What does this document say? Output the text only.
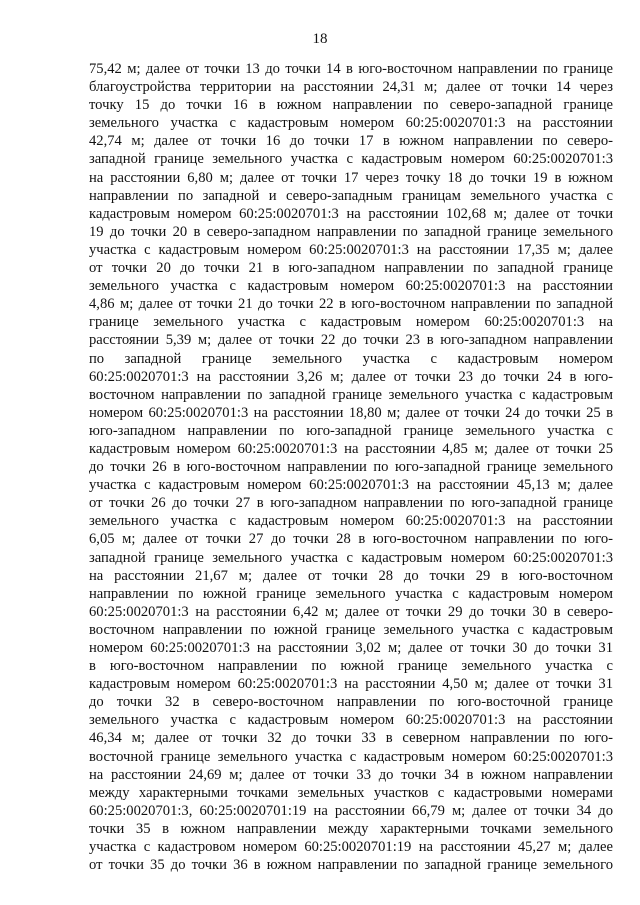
18
75,42 м; далее от точки 13 до точки 14 в юго-восточном направлении по границе
благоустройства территории на расстоянии 24,31 м; далее от точки 14 через
точку 15 до точки 16 в южном направлении по северо-западной границе
земельного участка с кадастровым номером 60:25:0020701:3 на расстоянии
42,74 м; далее от точки 16 до точки 17 в южном направлении по северо-
западной границе земельного участка с кадастровым номером 60:25:0020701:3
на расстоянии 6,80 м; далее от точки 17 через точку 18 до точки 19 в южном
направлении по западной и северо-западным границам земельного участка с
кадастровым номером 60:25:0020701:3 на расстоянии 102,68 м; далее от точки
19 до точки 20 в северо-западном направлении по западной границе земельного
участка с кадастровым номером 60:25:0020701:3 на расстоянии 17,35 м; далее
от точки 20 до точки 21 в юго-западном направлении по западной границе
земельного участка с кадастровым номером 60:25:0020701:3 на расстоянии
4,86 м; далее от точки 21 до точки 22 в юго-восточном направлении по западной
границе земельного участка с кадастровым номером 60:25:0020701:3 на
расстоянии 5,39 м; далее от точки 22 до точки 23 в юго-западном направлении
по западной границе земельного участка с кадастровым номером
60:25:0020701:3 на расстоянии 3,26 м; далее от точки 23 до точки 24 в юго-
восточном направлении по западной границе земельного участка с кадастровым
номером 60:25:0020701:3 на расстоянии 18,80 м; далее от точки 24 до точки 25 в
юго-западном направлении по юго-западной границе земельного участка с
кадастровым номером 60:25:0020701:3 на расстоянии 4,85 м; далее от точки 25
до точки 26 в юго-восточном направлении по юго-западной границе земельного
участка с кадастровым номером 60:25:0020701:3 на расстоянии 45,13 м; далее
от точки 26 до точки 27 в юго-западном направлении по юго-западной границе
земельного участка с кадастровым номером 60:25:0020701:3 на расстоянии
6,05 м; далее от точки 27 до точки 28 в юго-восточном направлении по юго-
западной границе земельного участка с кадастровым номером 60:25:0020701:3
на расстоянии 21,67 м; далее от точки 28 до точки 29 в юго-восточном
направлении по южной границе земельного участка с кадастровым номером
60:25:0020701:3 на расстоянии 6,42 м; далее от точки 29 до точки 30 в северо-
восточном направлении по южной границе земельного участка с кадастровым
номером 60:25:0020701:3 на расстоянии 3,02 м; далее от точки 30 до точки 31
в юго-восточном направлении по южной границе земельного участка с
кадастровым номером 60:25:0020701:3 на расстоянии 4,50 м; далее от точки 31
до точки 32 в северо-восточном направлении по юго-восточной границе
земельного участка с кадастровым номером 60:25:0020701:3 на расстоянии
46,34 м; далее от точки 32 до точки 33 в северном направлении по юго-
восточной границе земельного участка с кадастровым номером 60:25:0020701:3
на расстоянии 24,69 м; далее от точки 33 до точки 34 в южном направлении
между характерными точками земельных участков с кадастровыми номерами
60:25:0020701:3, 60:25:0020701:19 на расстоянии 66,79 м; далее от точки 34 до
точки 35 в южном направлении между характерными точками земельного
участка с кадастровом номером 60:25:0020701:19 на расстоянии 45,27 м; далее
от точки 35 до точки 36 в южном направлении по западной границе земельного
